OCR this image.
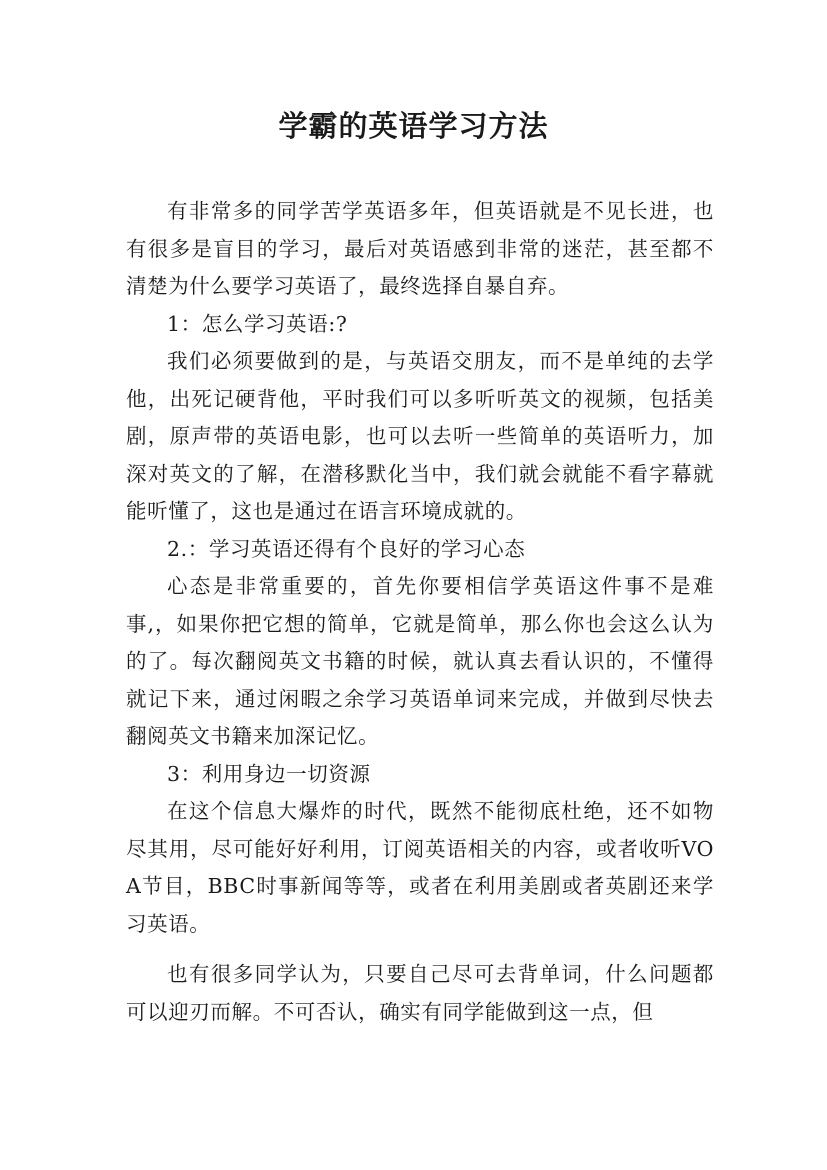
学霸的英语学习方法

有非常多的同学苦学英语多年，但英语就是不见长进，也有很多是盲目的学习，最后对英语感到非常的迷茫，甚至都不清楚为什么要学习英语了，最终选择自暴自弃。

1：怎么学习英语:?

我们必须要做到的是，与英语交朋友，而不是单纯的去学他，出死记硬背他，平时我们可以多听听英文的视频，包括美剧，原声带的英语电影，也可以去听一些简单的英语听力，加深对英文的了解，在潜移默化当中，我们就会就能不看字幕就能听懂了，这也是通过在语言环境成就的。

2.：学习英语还得有个良好的学习心态

心态是非常重要的，首先你要相信学英语这件事不是难事,，如果你把它想的简单，它就是简单，那么你也会这么认为的了。每次翻阅英文书籍的时候，就认真去看认识的，不懂得就记下来，通过闲暇之余学习英语单词来完成，并做到尽快去翻阅英文书籍来加深记忆。

3：利用身边一切资源

在这个信息大爆炸的时代，既然不能彻底杜绝，还不如物尽其用，尽可能好好利用，订阅英语相关的内容，或者收听VOA节目，BBC时事新闻等等，或者在利用美剧或者英剧还来学习英语。

也有很多同学认为，只要自己尽可去背单词，什么问题都可以迎刃而解。不可否认，确实有同学能做到这一点，但
